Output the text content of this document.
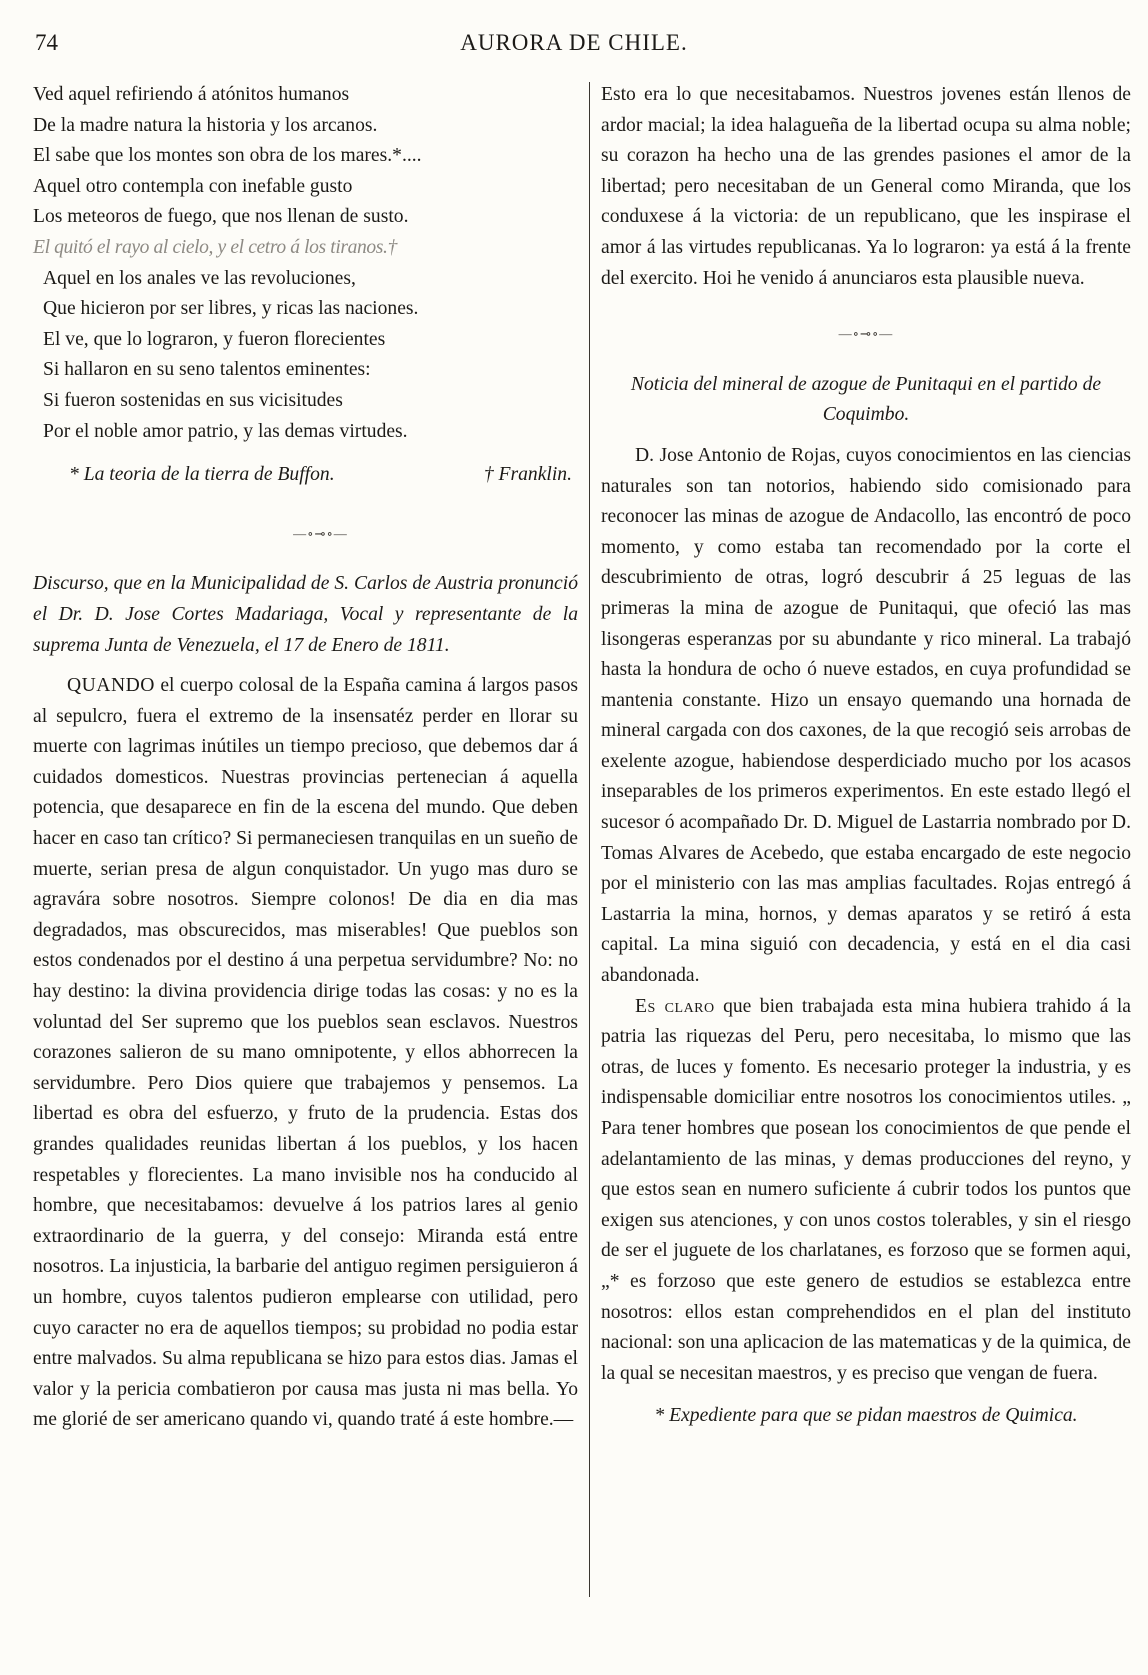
74	AURORA DE CHILE.
Ved aquel refiriendo á atónitos humanos
De la madre natura la historia y los arcanos.
El sabe que los montes son obra de los mares.*....
Aquel otro contempla con inefable gusto
Los meteoros de fuego, que nos llenan de susto.
El quitó el rayo al cielo, y el cetro á los tiranos.†
Aquel en los anales ve las revoluciones,
Que hicieron por ser libres, y ricas las naciones.
El ve, que lo lograron, y fueron florecientes
Si hallaron en su seno talentos eminentes:
Si fueron sostenidas en sus vicisitudes
Por el noble amor patrio, y las demas virtudes.
* La teoria de la tierra de Buffon.	† Franklin.
—∘⊸∘—

Discurso, que en la Municipalidad de S. Carlos de Austria pronunció el Dr. D. Jose Cortes Madariaga, Vocal y representante de la suprema Junta de Venezuela, el 17 de Enero de 1811.

QUANDO el cuerpo colosal de la España camina á largos pasos al sepulcro, fuera el extremo de la insensatéz perder en llorar su muerte con lagrimas inútiles un tiempo precioso, que debemos dar á cuidados domesticos. Nuestras provincias pertenecian á aquella potencia, que desaparece en fin de la escena del mundo. Que deben hacer en caso tan crítico? Si permaneciesen tranquilas en un sueño de muerte, serian presa de algun conquistador. Un yugo mas duro se agravára sobre nosotros. Siempre colonos! De dia en dia mas degradados, mas obscurecidos, mas miserables! Que pueblos son estos condenados por el destino á una perpetua servidumbre? No: no hay destino: la divina providencia dirige todas las cosas: y no es la voluntad del Ser supremo que los pueblos sean esclavos. Nuestros corazones salieron de su mano omnipotente, y ellos abhorrecen la servidumbre. Pero Dios quiere que trabajemos y pensemos. La libertad es obra del esfuerzo, y fruto de la prudencia. Estas dos grandes qualidades reunidas libertan á los pueblos, y los hacen respetables y florecientes. La mano invisible nos ha conducido al hombre, que necesitabamos: devuelve á los patrios lares al genio extraordinario de la guerra, y del consejo: Miranda está entre nosotros. La injusticia, la barbarie del antiguo regimen persiguieron á un hombre, cuyos talentos pudieron emplearse con utilidad, pero cuyo caracter no era de aquellos tiempos; su probidad no podia estar entre malvados. Su alma republicana se hizo para estos dias. Jamas el valor y la pericia combatieron por causa mas justa ni mas bella. Yo me glorié de ser americano quando vi, quando traté á este hombre.—

Esto era lo que necesitabamos. Nuestros jovenes están llenos de ardor macial; la idea halagueña de la libertad ocupa su alma noble; su corazon ha hecho una de las grendes pasiones el amor de la libertad; pero necesitaban de un General como Miranda, que los conduxese á la victoria: de un republicano, que les inspirase el amor á las virtudes republicanas. Ya lo lograron: ya está á la frente del exercito. Hoi he venido á anunciaros esta plausible nueva.

—∘⊸∘—

Noticia del mineral de azogue de Punitaqui en el partido de Coquimbo.

D. Jose Antonio de Rojas, cuyos conocimientos en las ciencias naturales son tan notorios, habiendo sido comisionado para reconocer las minas de azogue de Andacollo, las encontró de poco momento, y como estaba tan recomendado por la corte el descubrimiento de otras, logró descubrir á 25 leguas de las primeras la mina de azogue de Punitaqui, que ofeció las mas lisongeras esperanzas por su abundante y rico mineral. La trabajó hasta la hondura de ocho ó nueve estados, en cuya profundidad se mantenia constante. Hizo un ensayo quemando una hornada de mineral cargada con dos caxones, de la que recogió seis arrobas de exelente azogue, habiendose desperdiciado mucho por los acasos inseparables de los primeros experimentos. En este estado llegó el sucesor ó acompañado Dr. D. Miguel de Lastarria nombrado por D. Tomas Alvares de Acebedo, que estaba encargado de este negocio por el ministerio con las mas amplias facultades. Rojas entregó á Lastarria la mina, hornos, y demas aparatos y se retiró á esta capital. La mina siguió con decadencia, y está en el dia casi abandonada.

Es claro que bien trabajada esta mina hubiera trahido á la patria las riquezas del Peru, pero necesitaba, lo mismo que las otras, de luces y fomento. Es necesario proteger la industria, y es indispensable domiciliar entre nosotros los conocimientos utiles. „ Para tener hombres que posean los conocimientos de que pende el adelantamiento de las minas, y demas producciones del reyno, y que estos sean en numero suficiente á cubrir todos los puntos que exigen sus atenciones, y con unos costos tolerables, y sin el riesgo de ser el juguete de los charlatanes, es forzoso que se formen aqui,„* es forzoso que este genero de estudios se establezca entre nosotros: ellos estan comprehendidos en el plan del instituto nacional: son una aplicacion de las matematicas y de la quimica, de la qual se necesitan maestros, y es preciso que vengan de fuera.

* Expediente para que se pidan maestros de Quimica.
